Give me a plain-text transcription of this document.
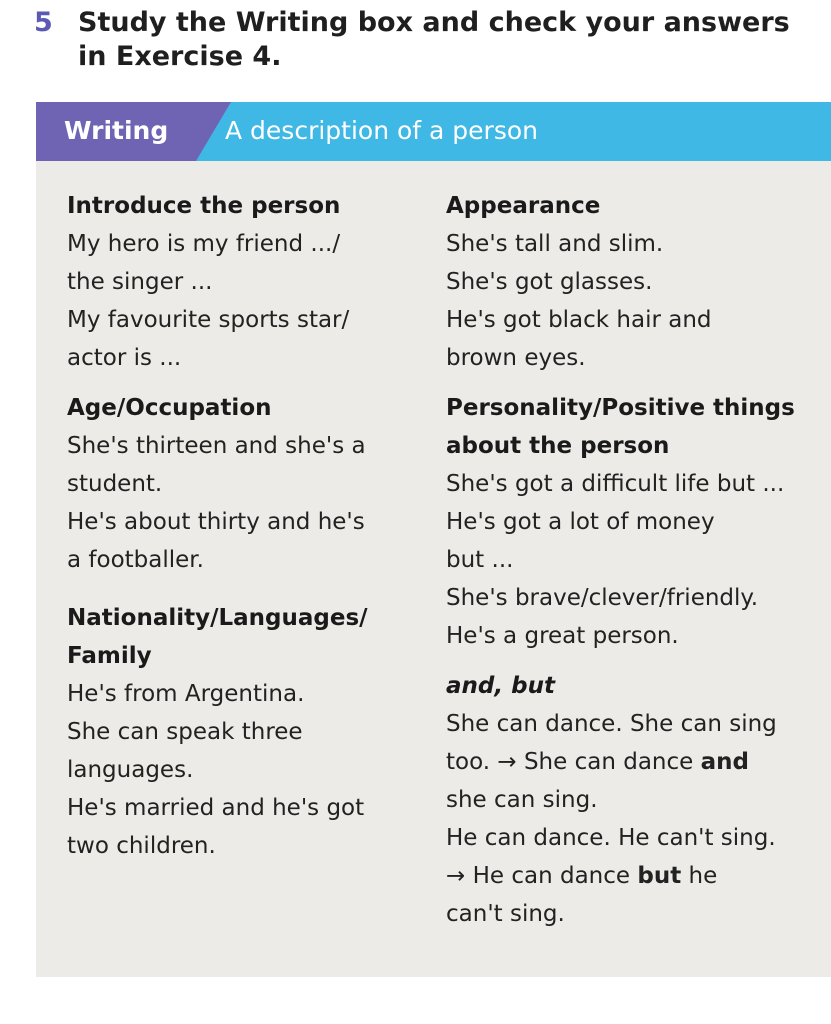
5 Study the Writing box and check your answers in Exercise 4.
Writing A description of a person
Introduce the person
My hero is my friend .../
the singer ...
My favourite sports star/
actor is ...
Age/Occupation
She's thirteen and she's a
student.
He's about thirty and he's
a footballer.
Nationality/Languages/ Family
He's from Argentina.
She can speak three
languages.
He's married and he's got
two children.
Appearance
She's tall and slim.
She's got glasses.
He's got black hair and
brown eyes.
Personality/Positive things about the person
She's got a difficult life but ...
He's got a lot of money
but ...
She's brave/clever/friendly.
He's a great person.
and, but
She can dance. She can sing
too. → She can dance and
she can sing.
He can dance. He can't sing.
→ He can dance but he
can't sing.
